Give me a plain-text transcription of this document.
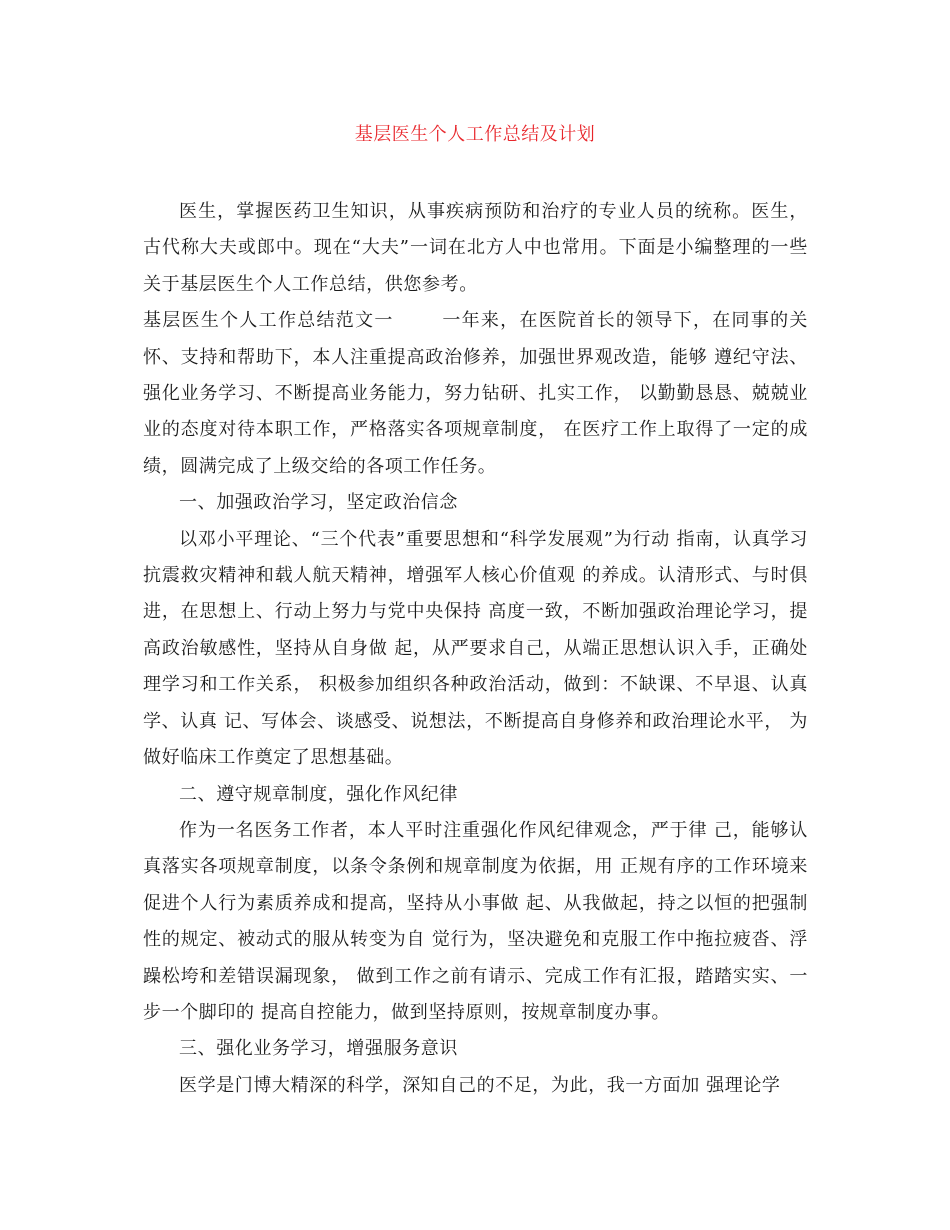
基层医生个人工作总结及计划

医生，掌握医药卫生知识，从事疾病预防和治疗的专业人员的统称。医生，古代称大夫或郎中。现在“大夫”一词在北方人中也常用。下面是小编整理的一些关于基层医生个人工作总结，供您参考。

基层医生个人工作总结范文一	一年来，在医院首长的领导下，在同事的关怀、支持和帮助下，本人注重提高政治修养，加强世界观改造，能够 遵纪守法、强化业务学习、不断提高业务能力，努力钻研、扎实工作， 以勤勤恳恳、兢兢业业的态度对待本职工作，严格落实各项规章制度， 在医疗工作上取得了一定的成绩，圆满完成了上级交给的各项工作任务。

一、加强政治学习，坚定政治信念

以邓小平理论、“三个代表”重要思想和“科学发展观”为行动 指南，认真学习抗震救灾精神和载人航天精神，增强军人核心价值观 的养成。认清形式、与时俱进，在思想上、行动上努力与党中央保持 高度一致，不断加强政治理论学习，提高政治敏感性，坚持从自身做 起，从严要求自己，从端正思想认识入手，正确处理学习和工作关系， 积极参加组织各种政治活动，做到：不缺课、不早退、认真学、认真 记、写体会、谈感受、说想法，不断提高自身修养和政治理论水平， 为做好临床工作奠定了思想基础。

二、遵守规章制度，强化作风纪律

作为一名医务工作者，本人平时注重强化作风纪律观念，严于律 己，能够认真落实各项规章制度，以条令条例和规章制度为依据，用 正规有序的工作环境来促进个人行为素质养成和提高，坚持从小事做 起、从我做起，持之以恒的把强制性的规定、被动式的服从转变为自 觉行为，坚决避免和克服工作中拖拉疲沓、浮躁松垮和差错误漏现象， 做到工作之前有请示、完成工作有汇报，踏踏实实、一步一个脚印的 提高自控能力，做到坚持原则，按规章制度办事。

三、强化业务学习，增强服务意识

医学是门博大精深的科学，深知自己的不足，为此，我一方面加 强理论学
